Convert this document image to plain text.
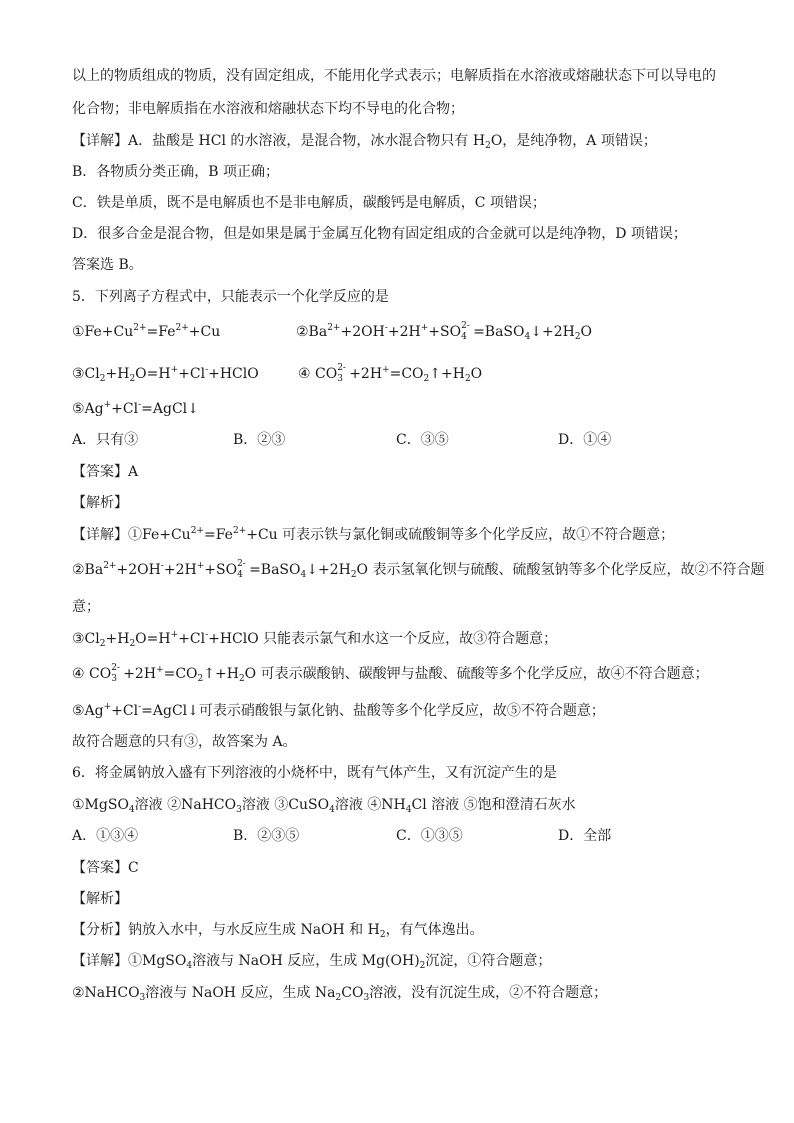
以上的物质组成的物质，没有固定组成，不能用化学式表示；电解质指在水溶液或熔融状态下可以导电的
化合物；非电解质指在水溶液和熔融状态下均不导电的化合物；
【详解】A．盐酸是 HCl 的水溶液，是混合物，冰水混合物只有 $H_2O$，是纯净物，A 项错误；
B．各物质分类正确，B 项正确；
C．铁是单质，既不是电解质也不是非电解质，碳酸钙是电解质，C 项错误；
D．很多合金是混合物，但是如果是属于金属互化物有固定组成的合金就可以是纯净物，D 项错误；
答案选 B。
5．下列离子方程式中，只能表示一个化学反应的是
$①Fe+Cu^{2+}=Fe^{2+}+Cu$	$②Ba^{2+}+2OH^-+2H^++SO$ 2-
$4 =BaSO_4↓+2H_2O$
$③Cl_2+H_2O=H^++Cl^-+HClO$	④ CO 2-
$3 +2H^+=CO_2↑+H_2O$
⑤Ag++Cl-=AgCl↓
A．只有③	B．②③	C．③⑤	D．①④
【答案】A
【解析】
【详解】$①Fe+Cu^{2+}=Fe^{2+}+Cu$ 可表示铁与氯化铜或硫酸铜等多个化学反应，故①不符合题意；
$②Ba^{2+}+2OH^-+2H^++SO$ 2-
$4 =BaSO_4↓+2H_2O$ 表示氢氧化钡与硫酸、硫酸氢钠等多个化学反应，故②不符合题
意；
$③Cl_2+H_2O=H^++Cl^-+HClO$ 只能表示氯气和水这一个反应，故③符合题意；
④ CO 2-
$3 +2H^+=CO_2↑+H_2O$ 可表示碳酸钠、碳酸钾与盐酸、硫酸等多个化学反应，故④不符合题意；
⑤Ag++Cl-=AgCl↓可表示硝酸银与氯化钠、盐酸等多个化学反应，故⑤不符合题意；
故符合题意的只有③，故答案为 A。
6．将金属钠放入盛有下列溶液的小烧杯中，既有气体产生，又有沉淀产生的是
①MgSO$_4$溶液 ②NaHCO$_3$溶液 ③CuSO$_4$溶液 $④NH_4Cl$ 溶液 ⑤饱和澄清石灰水
A．①③④	B．②③⑤	C．①③⑤	D．全部
【答案】C
【解析】
【分析】钠放入水中，与水反应生成 NaOH 和 $H_2$，有气体逸出。
【详解】①MgSO$_4$溶液与 NaOH 反应，生成 $Mg(OH)_2$沉淀，①符合题意；
②NaHCO$_3$溶液与 NaOH 反应，生成 $Na_2CO_3$溶液，没有沉淀生成，②不符合题意；
